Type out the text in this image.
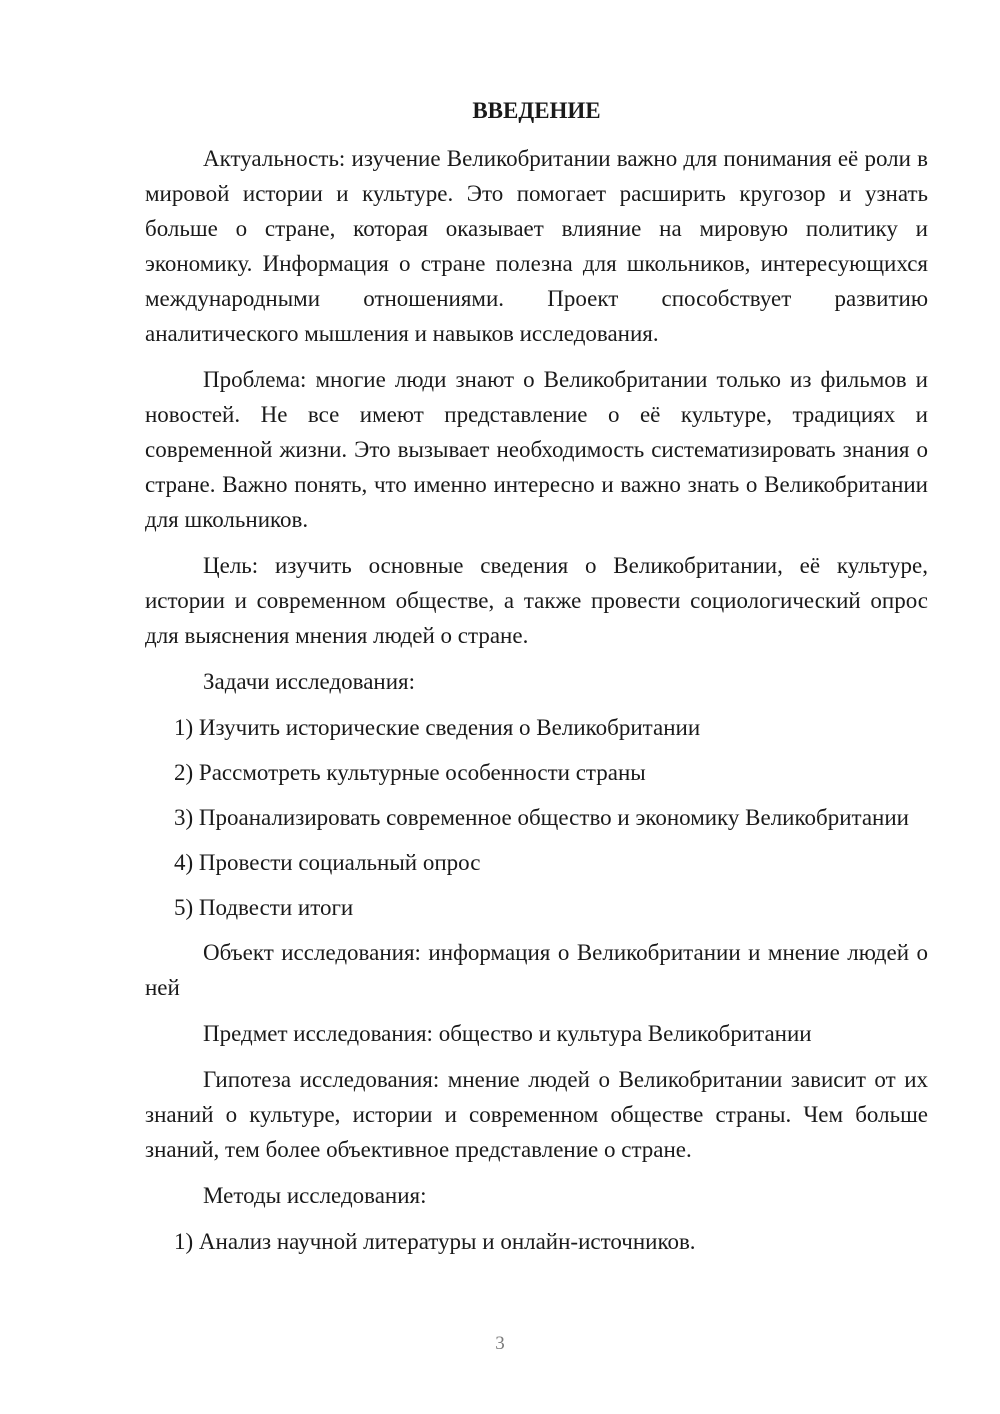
ВВЕДЕНИЕ

Актуальность: изучение Великобритании важно для понимания её роли в мировой истории и культуре. Это помогает расширить кругозор и узнать больше о стране, которая оказывает влияние на мировую политику и экономику. Информация о стране полезна для школьников, интересующихся международными отношениями. Проект способствует развитию аналитического мышления и навыков исследования.

Проблема: многие люди знают о Великобритании только из фильмов и новостей. Не все имеют представление о её культуре, традициях и современной жизни. Это вызывает необходимость систематизировать знания о стране. Важно понять, что именно интересно и важно знать о Великобритании для школьников.

Цель: изучить основные сведения о Великобритании, её культуре, истории и современном обществе, а также провести социологический опрос для выяснения мнения людей о стране.

Задачи исследования:

1) Изучить исторические сведения о Великобритании

2) Рассмотреть культурные особенности страны

3) Проанализировать современное общество и экономику Великобритании

4) Провести социальный опрос

5) Подвести итоги

Объект исследования: информация о Великобритании и мнение людей о ней

Предмет исследования: общество и культура Великобритании

Гипотеза исследования: мнение людей о Великобритании зависит от их знаний о культуре, истории и современном обществе страны. Чем больше знаний, тем более объективное представление о стране.

Методы исследования:

1) Анализ научной литературы и онлайн-источников.

3
